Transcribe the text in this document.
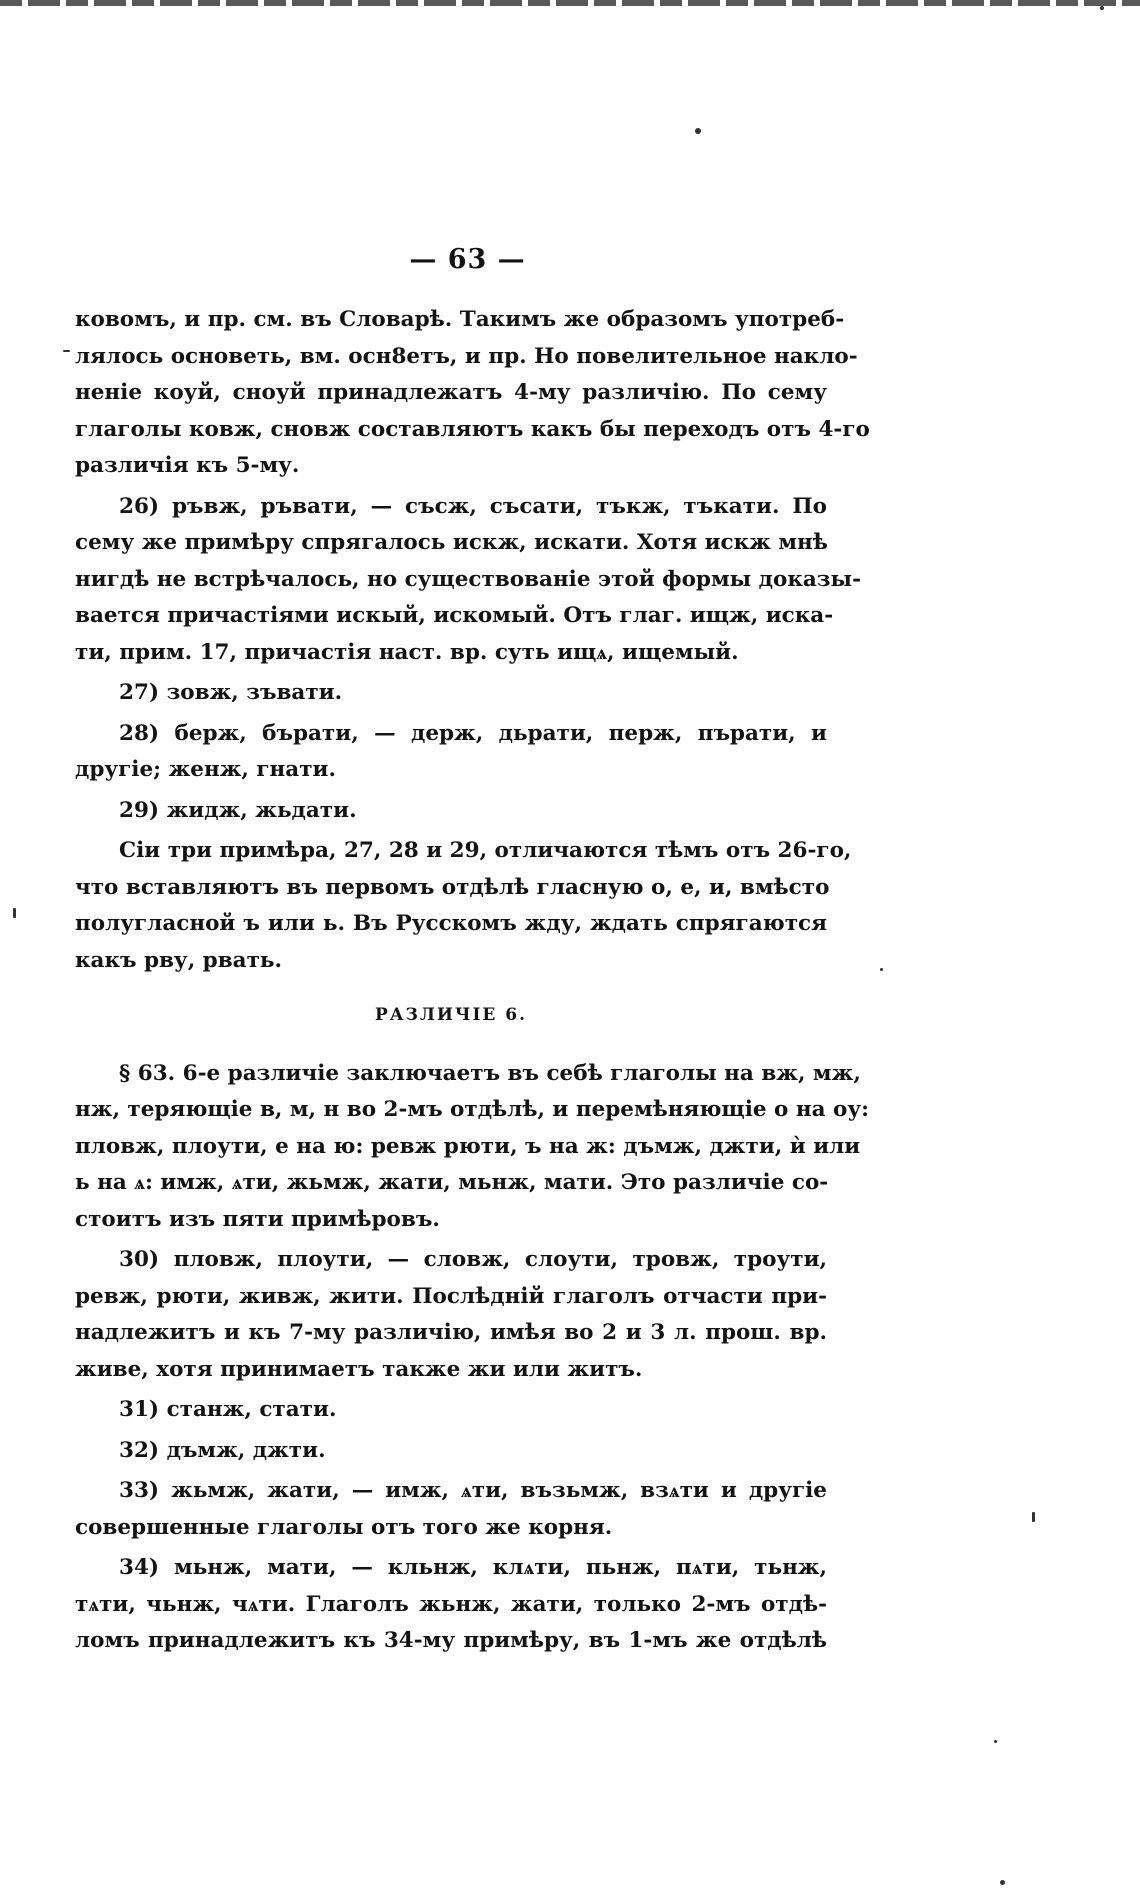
— 63 —

ковомъ, и пр. см. въ Словарѣ. Такимъ же образомъ употреб-
лялось основеть, вм. осн8етъ, и пр. Но повелительное накло-
неніе коуй, сноуй принадлежатъ 4-му различію. По сему
глаголы ковж, сновж составляютъ какъ бы переходъ отъ 4-го
различія къ 5-му.

26) ръвж, ръвати, — съсж, съсати, тъкж, тъкати. По
сему же примѣру спрягалось искж, искати. Хотя искж мнѣ
нигдѣ не встрѣчалось, но существованіе этой формы доказы-
вается причастіями искый, искомый. Отъ глаг. ищж, иска-
ти, прим. 17, причастія наст. вр. суть ищѧ, ищемый.

27) зовж, зъвати.

28) берж, бърати, — держ, дьрати, перж, пърати, и
другіе; женж, гнати.

29) жидж, жьдати.

Сіи три примѣра, 27, 28 и 29, отличаются тѣмъ отъ 26-го,
что вставляютъ въ первомъ отдѣлѣ гласную о, е, и, вмѣсто
полугласной ъ или ь. Въ Русскомъ жду, ждать спрягаются
какъ рву, рвать.

РАЗЛИЧІЕ 6.

§ 63. 6-е различіе заключаетъ въ себѣ глаголы на вж, мж,
нж, теряющіе в, м, н во 2-мъ отдѣлѣ, и перемѣняющіе о на оу:
пловж, плоути, е на ю: ревж рюти, ъ на ж: дъмж, джти, ѝ или
ь на ѧ: имж, ѧти, жьмж, жати, мьнж, мати. Это различіе со-
стоитъ изъ пяти примѣровъ.

30) пловж, плоути, — словж, слоути, тровж, троути,
ревж, рюти, живж, жити. Послѣдній глаголъ отчасти при-
надлежитъ и къ 7-му различію, имѣя во 2 и 3 л. прош. вр.
живе, хотя принимаетъ также жи или житъ.

31) станж, стати.

32) дъмж, джти.

33) жьмж, жати, — имж, ѧти, възьмж, взѧти и другіе
совершенные глаголы отъ того же корня.

34) мьнж, мати, — кльнж, клѧти, пьнж, пѧти, тьнж,
тѧти, чьнж, чѧти. Глаголъ жьнж, жати, только 2-мъ отдѣ-
ломъ принадлежитъ къ 34-му примѣру, въ 1-мъ же отдѣлѣ
